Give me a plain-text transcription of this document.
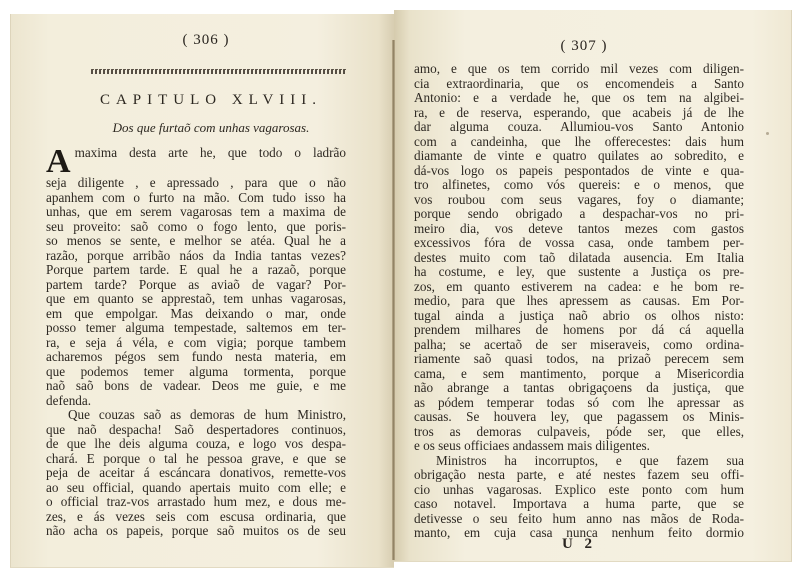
( 306 )
CAPITULO XLVIII.
Dos que furtaõ com unhas vagarosas.
A maxima desta arte he, que todo o ladrão
seja diligente , e apressado , para que o não
apanhem com o furto na mão. Com tudo isso ha
unhas, que em serem vagarosas tem a maxima de
seu proveito: saõ como o fogo lento, que poris-
so menos se sente, e melhor se atéa. Qual he a
razão, porque arribão náos da India tantas vezes?
Porque partem tarde. E qual he a razaõ, porque
partem tarde? Porque as aviaõ de vagar? Por-
que em quanto se apprestaõ, tem unhas vagarosas,
em que empolgar. Mas deixando o mar, onde
posso temer alguma tempestade, saltemos em ter-
ra, e seja á véla, e com vigia; porque tambem
acharemos pégos sem fundo nesta materia, em
que podemos temer alguma tormenta, porque
naõ saõ bons de vadear. Deos me guie, e me
defenda.
Que couzas saõ as demoras de hum Ministro,
que naõ despacha! Saõ despertadores continuos,
de que lhe deis alguma couza, e logo vos despa-
chará. E porque o tal he pessoa grave, e que se
peja de aceitar á escáncara donativos, remette-vos
ao seu official, quando apertais muito com elle; e
o official traz-vos arrastado hum mez, e dous me-
zes, e ás vezes seis com escusa ordinaria, que
não acha os papeis, porque saõ muitos os de seu
( 307 )
amo, e que os tem corrido mil vezes com diligen-
cia extraordinaria, que os encomendeis a Santo
Antonio: e a verdade he, que os tem na algibei-
ra, e de reserva, esperando, que acabeis já de lhe
dar alguma couza. Allumiou-vos Santo Antonio
com a candeinha, que lhe offerecestes: dais hum
diamante de vinte e quatro quilates ao sobredito, e
dá-vos logo os papeis pespontados de vinte e qua-
tro alfinetes, como vós quereis: e o menos, que
vos roubou com seus vagares, foy o diamante;
porque sendo obrigado a despachar-vos no pri-
meiro dia, vos deteve tantos mezes com gastos
excessivos fóra de vossa casa, onde tambem per-
destes muito com taõ dilatada ausencia. Em Italia
ha costume, e ley, que sustente a Justiça os pre-
zos, em quanto estiverem na cadea: e he bom re-
medio, para que lhes apressem as causas. Em Por-
tugal ainda a justiça naõ abrio os olhos nisto:
prendem milhares de homens por dá cá aquella
palha; se acertaõ de ser miseraveis, como ordina-
riamente saõ quasi todos, na prizaõ perecem sem
cama, e sem mantimento, porque a Misericordia
não abrange a tantas obrigaçoens da justiça, que
as pódem temperar todas só com lhe apressar as
causas. Se houvera ley, que pagassem os Minis-
tros as demoras culpaveis, póde ser, que elles,
e os seus officiaes andassem mais diligentes.
Ministros ha incorruptos, e que fazem sua
obrigação nesta parte, e até nestes fazem seu offi-
cio unhas vagarosas. Explico este ponto com hum
caso notavel. Importava a huma parte, que se
detivesse o seu feito hum anno nas mãos de Roda-
manto, em cuja casa nunca nenhum feito dormio
U 2
